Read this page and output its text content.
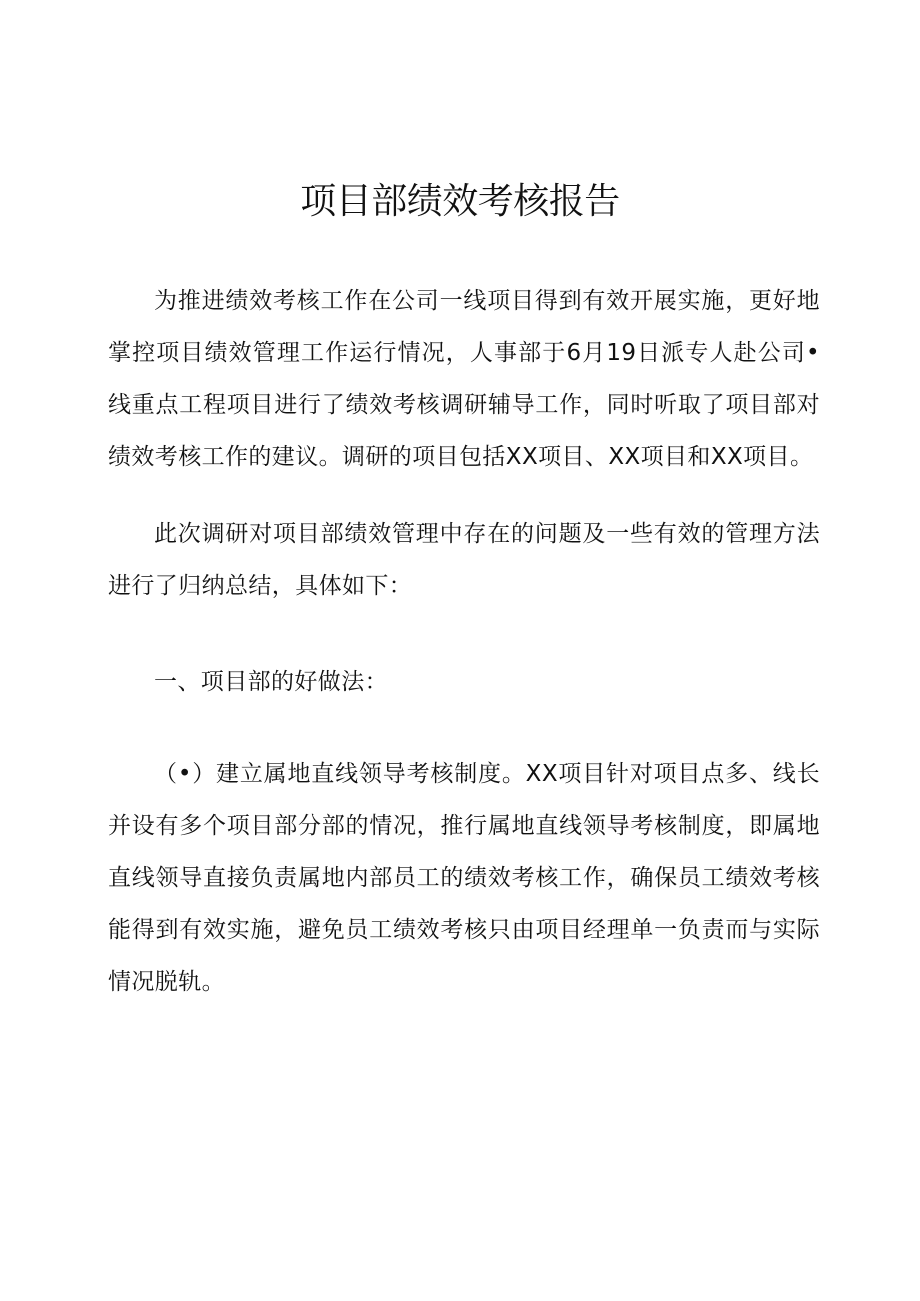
项目部绩效考核报告

为推进绩效考核工作在公司一线项目得到有效开展实施，更好地掌控项目绩效管理工作运行情况，人事部于6月19日派专人赴公司•线重点工程项目进行了绩效考核调研辅导工作，同时听取了项目部对绩效考核工作的建议。调研的项目包括XX项目、XX项目和XX项目。

此次调研对项目部绩效管理中存在的问题及一些有效的管理方法进行了归纳总结，具体如下：

一、项目部的好做法：

（•）建立属地直线领导考核制度。XX项目针对项目点多、线长并设有多个项目部分部的情况，推行属地直线领导考核制度，即属地直线领导直接负责属地内部员工的绩效考核工作，确保员工绩效考核能得到有效实施，避免员工绩效考核只由项目经理单一负责而与实际情况脱轨。
